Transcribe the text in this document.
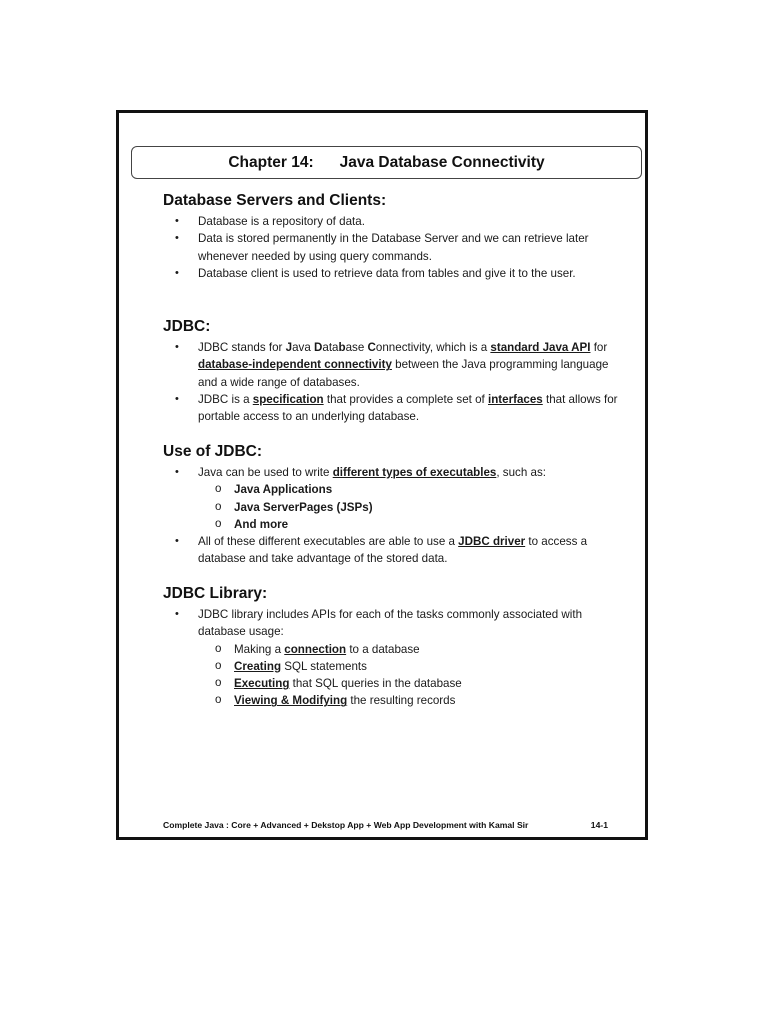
Chapter 14: Java Database Connectivity

Database Servers and Clients:

• Database is a repository of data.
• Data is stored permanently in the Database Server and we can retrieve later whenever needed by using query commands.
• Database client is used to retrieve data from tables and give it to the user.

JDBC:

• JDBC stands for Java Database Connectivity, which is a standard Java API for database-independent connectivity between the Java programming language and a wide range of databases.
• JDBC is a specification that provides a complete set of interfaces that allows for portable access to an underlying database.

Use of JDBC:

• Java can be used to write different types of executables, such as:
o Java Applications
o Java ServerPages (JSPs)
o And more
• All of these different executables are able to use a JDBC driver to access a database and take advantage of the stored data.

JDBC Library:

• JDBC library includes APIs for each of the tasks commonly associated with database usage:
o Making a connection to a database
o Creating SQL statements
o Executing that SQL queries in the database
o Viewing & Modifying the resulting records
Complete Java : Core + Advanced + Dekstop App + Web App Development with Kamal Sir	14-1
